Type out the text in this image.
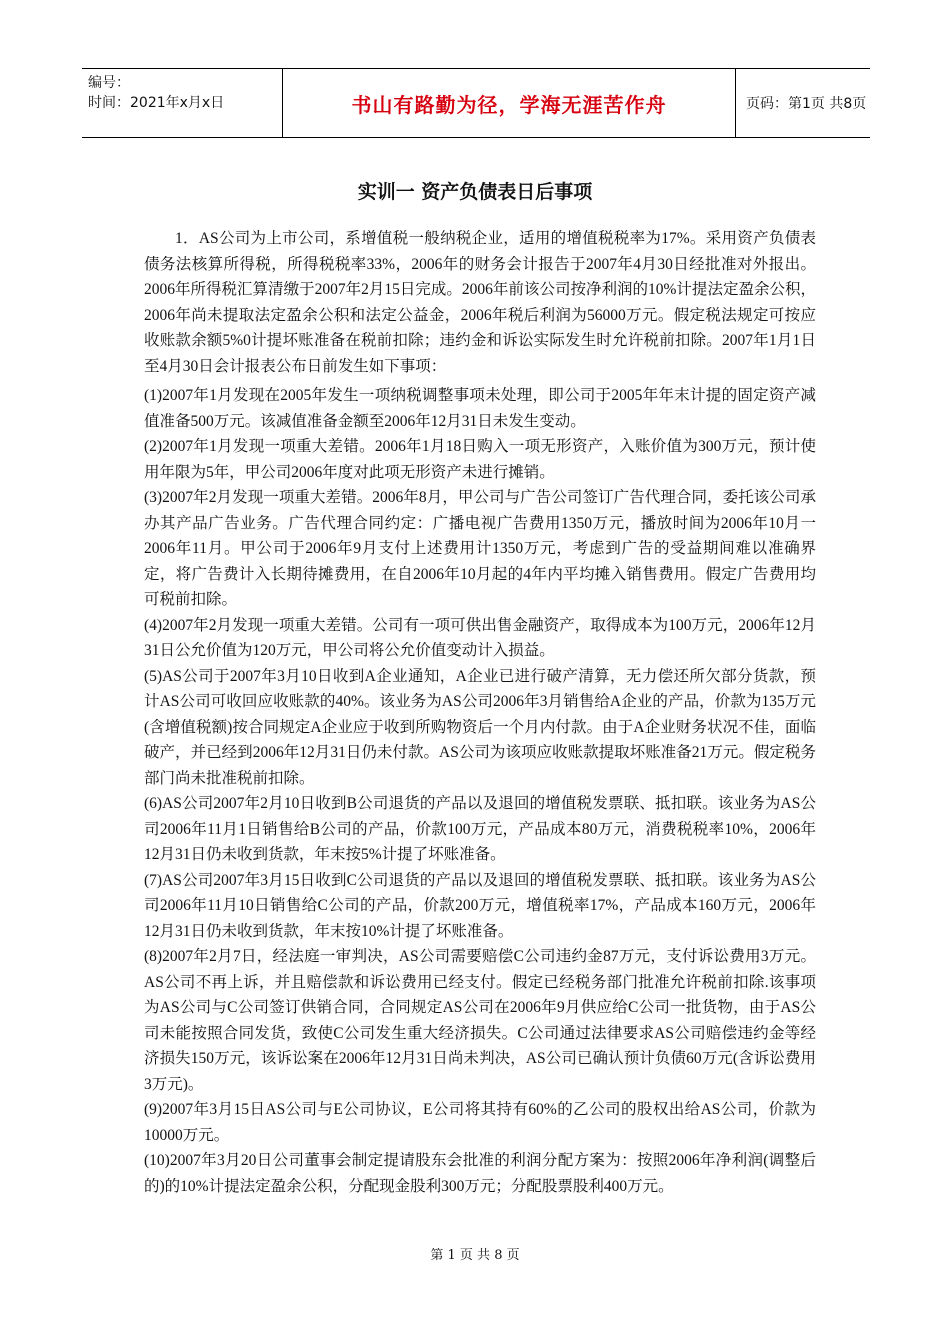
编号：
时间：2021年x月x日	书山有路勤为径，学海无涯苦作舟	页码：第1页 共8页
实训一 资产负债表日后事项

1．AS公司为上市公司，系增值税一般纳税企业，适用的增值税税率为17%。采用资产负债表债务法核算所得税，所得税税率33%，2006年的财务会计报告于2007年4月30日经批准对外报出。2006年所得税汇算清缴于2007年2月15日完成。2006年前该公司按净利润的10%计提法定盈余公积，2006年尚未提取法定盈余公积和法定公益金，2006年税后利润为56000万元。假定税法规定可按应收账款余额5%0计提坏账准备在税前扣除；违约金和诉讼实际发生时允许税前扣除。2007年1月1日至4月30日会计报表公布日前发生如下事项：

(1)2007年1月发现在2005年发生一项纳税调整事项未处理，即公司于2005年年末计提的固定资产减值准备500万元。该减值准备金额至2006年12月31日未发生变动。

(2)2007年1月发现一项重大差错。2006年1月18日购入一项无形资产，入账价值为300万元，预计使用年限为5年，甲公司2006年度对此项无形资产未进行摊销。

(3)2007年2月发现一项重大差错。2006年8月，甲公司与广告公司签订广告代理合同，委托该公司承办其产品广告业务。广告代理合同约定：广播电视广告费用1350万元，播放时间为2006年10月一2006年11月。甲公司于2006年9月支付上述费用计1350万元，考虑到广告的受益期间难以准确界定，将广告费计入长期待摊费用，在自2006年10月起的4年内平均摊入销售费用。假定广告费用均可税前扣除。

(4)2007年2月发现一项重大差错。公司有一项可供出售金融资产，取得成本为100万元，2006年12月31日公允价值为120万元，甲公司将公允价值变动计入损益。

(5)AS公司于2007年3月10日收到A企业通知，A企业已进行破产清算，无力偿还所欠部分货款，预计AS公司可收回应收账款的40%。该业务为AS公司2006年3月销售给A企业的产品，价款为135万元(含增值税额)按合同规定A企业应于收到所购物资后一个月内付款。由于A企业财务状况不佳，面临破产，并已经到2006年12月31日仍未付款。AS公司为该项应收账款提取坏账准备21万元。假定税务部门尚未批准税前扣除。

(6)AS公司2007年2月10日收到B公司退货的产品以及退回的增值税发票联、抵扣联。该业务为AS公司2006年11月1日销售给B公司的产品，价款100万元，产品成本80万元，消费税税率10%，2006年12月31日仍未收到货款，年末按5%计提了坏账准备。

(7)AS公司2007年3月15日收到C公司退货的产品以及退回的增值税发票联、抵扣联。该业务为AS公司2006年11月10日销售给C公司的产品，价款200万元，增值税率17%，产品成本160万元，2006年12月31日仍未收到货款，年末按10%计提了坏账准备。

(8)2007年2月7日，经法庭一审判决，AS公司需要赔偿C公司违约金87万元，支付诉讼费用3万元。AS公司不再上诉，并且赔偿款和诉讼费用已经支付。假定已经税务部门批准允许税前扣除.该事项为AS公司与C公司签订供销合同，合同规定AS公司在2006年9月供应给C公司一批货物，由于AS公司未能按照合同发货，致使C公司发生重大经济损失。C公司通过法律要求AS公司赔偿违约金等经济损失150万元，该诉讼案在2006年12月31日尚未判决，AS公司已确认预计负债60万元(含诉讼费用3万元)。

(9)2007年3月15日AS公司与E公司协议，E公司将其持有60%的乙公司的股权出给AS公司，价款为10000万元。

(10)2007年3月20日公司董事会制定提请股东会批准的利润分配方案为：按照2006年净利润(调整后的)的10%计提法定盈余公积，分配现金股利300万元；分配股票股利400万元。

第 1 页 共 8 页
